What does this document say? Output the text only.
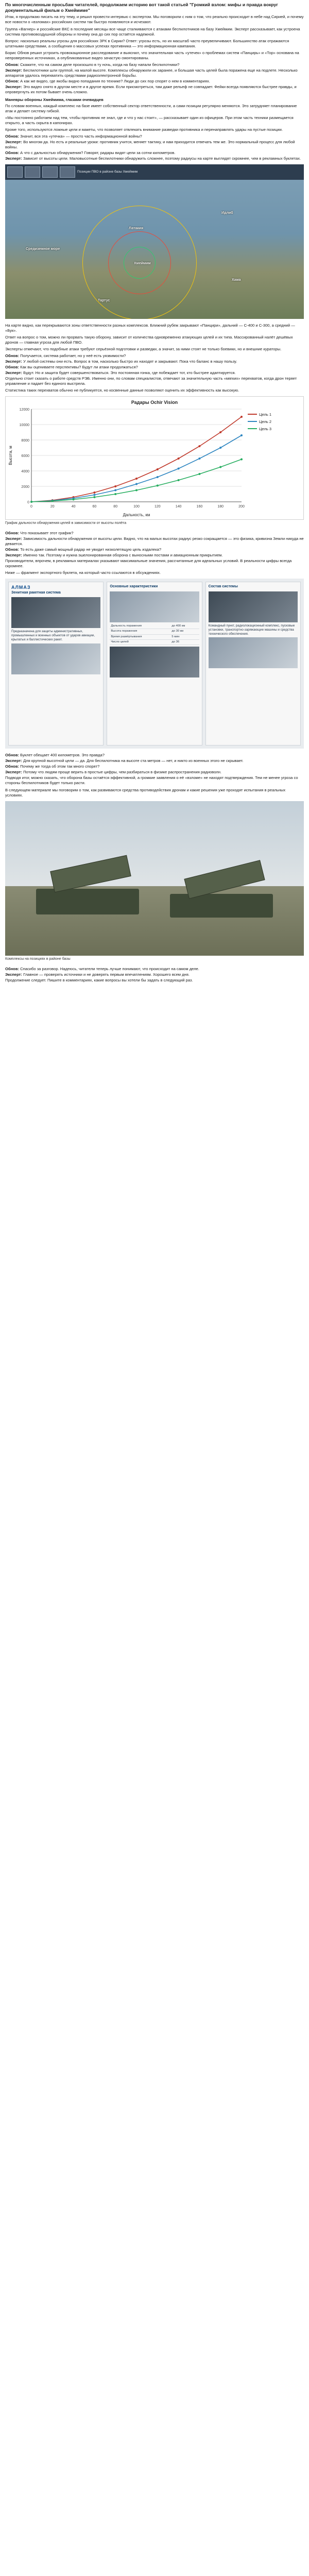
По многочисленным просьбам читателей, продолжаем историю вот такой статьей "Громкий взлом: мифы и правда вокруг документальный фильм о Хмеймиме"

Итак, я продолжаю писать на эту тему, и решил провести интервью с экспертом. Мы поговорили с ним о том, что реально происходит в небе над Сирией, и почему все новости о «взломах» российских систем так быстро появляются и исчезают.

Группа «Вагнер» и российские ВКС в последние месяцы все чаще сталкиваются с атаками беспилотников на базу Хмеймим. Эксперт рассказывает, как устроена система противовоздушной обороны и почему она до сих пор остаётся надежной.

Вопрос: насколько реальны угрозы для российских ЗРК в Сирии? Ответ: угрозы есть, но их масштаб часто преувеличивают. Большинство атак отражаются штатными средствами, а сообщения о массовых успехах противника — это информационная кампания.

Борис Обнов решил устроить провокационное расследование и выяснил, что значительная часть «утечек» о проблемах систем «Панцирь» и «Тор» основана на непроверенных источниках, а опубликованные видео зачастую смонтированы.

Обнов: Скажите, что на самом деле произошло в ту ночь, когда на базу напали беспилотники?

Эксперт: Беспилотники шли группой, на малой высоте. Комплексы обнаружили их заранее, и большая часть целей была поражена еще на подлете. Несколько аппаратов удалось перехватить средствами радиоэлектронной борьбы.

Обнов: А как же видео, где якобы видно попадания по технике? Люди до сих пор спорят о нем в комментариях.

Эксперт: Это видео снято в другом месте и в другое время. Если присмотреться, там даже рельеф не совпадает. Фейки всегда появляются быстрее правды, и опровергнуть их потом бывает очень сложно.

Маневры обороны Хмеймима, глазами очевидцев

По словам военных, каждый комплекс на базе имеет собственный сектор ответственности, а сами позиции регулярно меняются. Это затрудняет планирование атак и делает систему гибкой.

«Мы постоянно работаем над тем, чтобы противник не знал, где и что у нас стоит», — рассказывает один из офицеров. При этом часть техники размещается открыто, а часть скрыта в капонирах.

Кроме того, используются ложные цели и макеты, что позволяет отвлекать внимание разведки противника и перенаправлять удары на пустые позиции.

Обнов: Значит, вся эта «утечка» — просто часть информационной войны?

Эксперт: Во многом да. Но есть и реальные уроки: противник учится, меняет тактику, и нам приходится отвечать тем же. Это нормальный процесс для любой войны.

Обнов: А что с дальностью обнаружения? Говорят, радары видят цели за сотни километров.

Эксперт: Зависит от высоты цели. Маловысотные беспилотники обнаружить сложнее, поэтому радиусы на карте выглядят скромнее, чем в рекламных буклетах.

Позиции ПВО в районе базы Хмеймим
Латакия
Хмеймим
Тартус
Средиземное море
Идлиб
Хама

На карте видно, как перекрываются зоны ответственности разных комплексов. Ближний рубеж закрывают «Панцири», дальний — С-400 и С-300, а средний — «Бук».

Ответ на вопрос о том, можно ли прорвать такую оборону, зависит от количества одновременно атакующих целей и их типа. Массированный налёт дешёвых дронов — главная угроза для любой ПВО.

Эксперты отмечают, что подобные атаки требуют серьёзной подготовки и разведки, а значит, за ними стоят не только боевики, но и внешние кураторы.

Обнов: Получается, система работает, но у неё есть уязвимости?

Эксперт: У любой системы они есть. Вопрос в том, насколько быстро их находят и закрывают. Пока что баланс в нашу пользу.

Обнов: Как вы оцениваете перспективы? Будут ли атаки продолжаться?

Эксперт: Будут. Но и защита будет совершенствоваться. Это постоянная гонка, где побеждает тот, кто быстрее адаптируется.

Отдельно стоит сказать о работе средств РЭБ. Именно они, по словам специалистов, отвечают за значительную часть «мягких» перехватов, когда дрон теряет управление и падает без единого выстрела.

Статистика таких перехватов обычно не публикуется, но косвенные данные позволяют оценить их эффективность как высокую.

Радары Ochir Vision
0
2000
4000
6000
8000
10000
12000
0	20	40	60	80	100	120	140	160	180	200
Дальность, км
Высота, м
Цель 1
Цель 2
Цель 3
График дальности обнаружения целей в зависимости от высоты полёта

Обнов: Что показывает этот график?

Эксперт: Зависимость дальности обнаружения от высоты цели. Видно, что на малых высотах радиус резко сокращается — это физика, кривизна Земли никуда не девается.

Обнов: То есть даже самый мощный радар не увидит низколетящую цель издалека?

Эксперт: Именно так. Поэтому и нужна эшелонированная оборона с выносными постами и авиационным прикрытием.

Производители, впрочем, в рекламных материалах указывают максимальные значения, рассчитанные для идеальных условий. В реальности цифры всегда скромнее.

Ниже — фрагмент экспортного буклета, на который часто ссылаются в обсуждениях.

АЛМАЗ
Зенитная ракетная система
Предназначена для защиты административных, промышленных и военных объектов от ударов авиации, крылатых и баллистических ракет.
Основные характеристики
Дальность поражения	до 400 км
Высота поражения	до 30 км
Время развёртывания	5 мин
Число целей	до 36
Состав системы
Командный пункт, радиолокационный комплекс, пусковые установки, транспортно-заряжающие машины и средства технического обеспечения.

Обнов: Буклет обещает 400 километров. Это правда?

Эксперт: Для крупной высотной цели — да. Для беспилотника на высоте ста метров — нет, и никто из военных этого не скрывает.

Обнов: Почему же тогда об этом так много спорят?

Эксперт: Потому что людям проще верить в простые цифры, чем разбираться в физике распространения радиоволн.

Подводя итог, можно сказать, что оборона базы остаётся эффективной, а громкие заявления о её «взломе» не находят подтверждения. Тем не менее угроза со стороны беспилотников будет только расти.

В следующем материале мы поговорим о том, как развиваются средства противодействия дронам и какие решения уже проходят испытания в реальных условиях.

Комплексы на позициях в районе базы

Обнов: Спасибо за разговор. Надеюсь, читатели теперь лучше понимают, что происходит на самом деле.

Эксперт: Главное — проверять источники и не доверять первым впечатлениям. Хорошего всем дня.

Продолжение следует. Пишите в комментариях, какие вопросы вы хотели бы задать в следующий раз.
